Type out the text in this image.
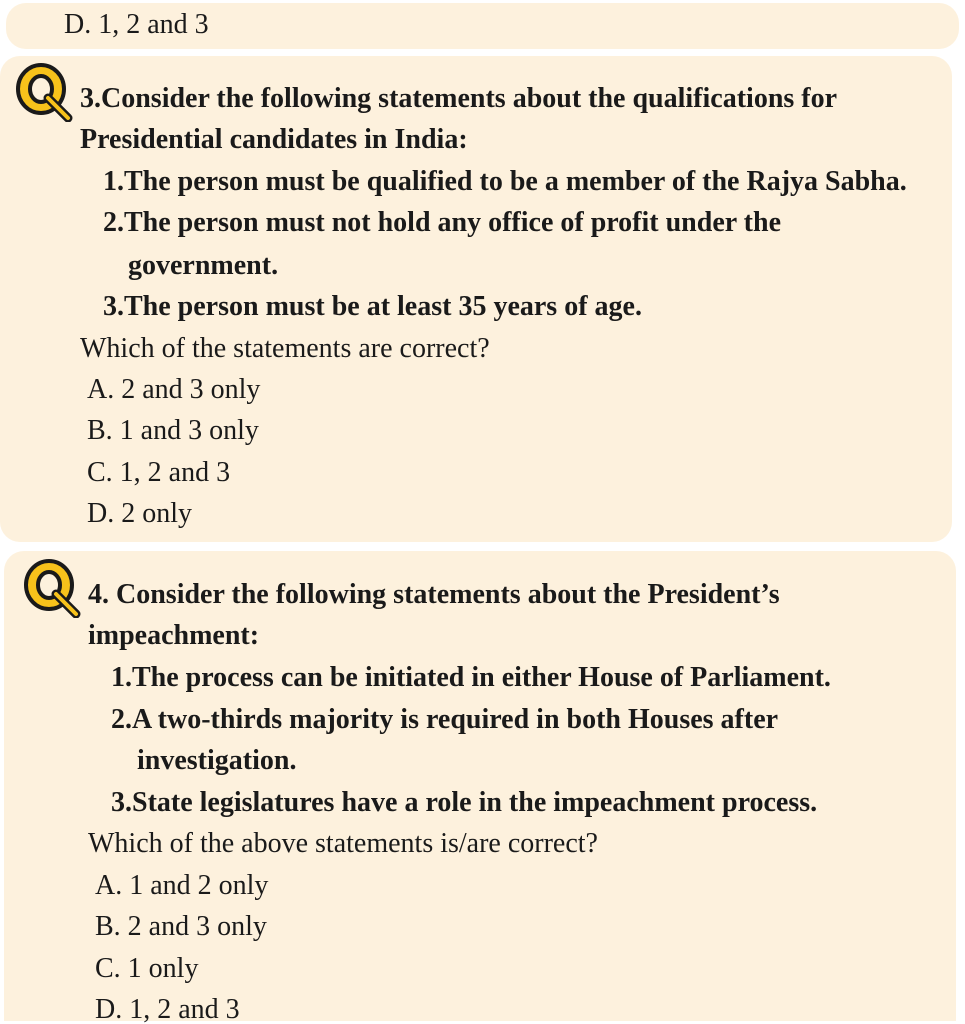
D. 1, 2 and 3
3.Consider the following statements about the qualifications for
Presidential candidates in India:
1.The person must be qualified to be a member of the Rajya Sabha.
2.The person must not hold any office of profit under the
government.
3.The person must be at least 35 years of age.
Which of the statements are correct?
A. 2 and 3 only
B. 1 and 3 only
C. 1, 2 and 3
D. 2 only
4. Consider the following statements about the President’s
impeachment:
1.The process can be initiated in either House of Parliament.
2.A two-thirds majority is required in both Houses after
investigation.
3.State legislatures have a role in the impeachment process.
Which of the above statements is/are correct?
A. 1 and 2 only
B. 2 and 3 only
C. 1 only
D. 1, 2 and 3
